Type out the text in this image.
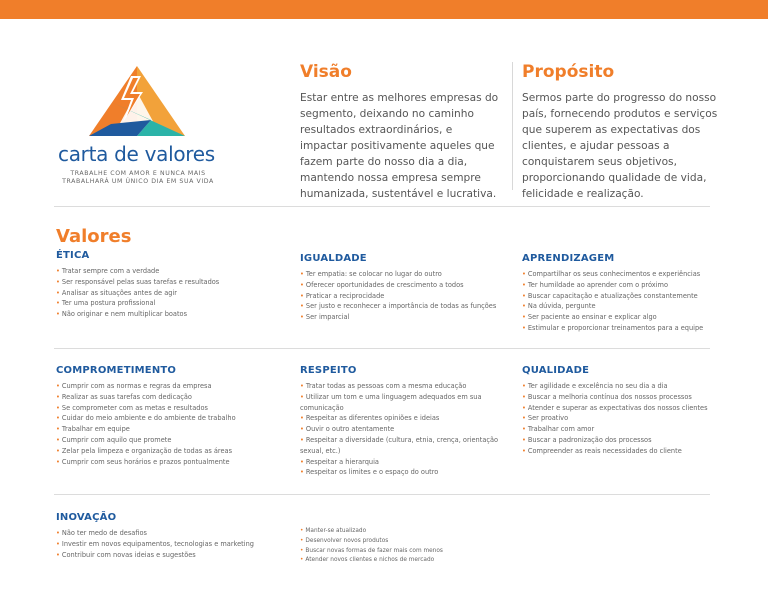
carta de valores
TRABALHE COM AMOR E NUNCA MAIS TRABALHARÁ UM ÚNICO DIA EM SUA VIDA
Visão

Estar entre as melhores empresas do segmento, deixando no caminho resultados extraordinários, e impactar positivamente aqueles que fazem parte do nosso dia a dia, mantendo nossa empresa sempre humanizada, sustentável e lucrativa.

Propósito

Sermos parte do progresso do nosso país, fornecendo produtos e serviços que superem as expectativas dos clientes, e ajudar pessoas a conquistarem seus objetivos, proporcionando qualidade de vida, felicidade e realização.

Valores
ÉTICA
• Tratar sempre com a verdade
• Ser responsável pelas suas tarefas e resultados
• Analisar as situações antes de agir
• Ter uma postura profissional
• Não originar e nem multiplicar boatos
IGUALDADE
• Ter empatia: se colocar no lugar do outro
• Oferecer oportunidades de crescimento a todos
• Praticar a reciprocidade
• Ser justo e reconhecer a importância de todas as funções
• Ser imparcial
APRENDIZAGEM
• Compartilhar os seus conhecimentos e experiências
• Ter humildade ao aprender com o próximo
• Buscar capacitação e atualizações constantemente
• Na dúvida, pergunte
• Ser paciente ao ensinar e explicar algo
• Estimular e proporcionar treinamentos para a equipe
COMPROMETIMENTO
• Cumprir com as normas e regras da empresa
• Realizar as suas tarefas com dedicação
• Se comprometer com as metas e resultados
• Cuidar do meio ambiente e do ambiente de trabalho
• Trabalhar em equipe
• Cumprir com aquilo que promete
• Zelar pela limpeza e organização de todas as áreas
• Cumprir com seus horários e prazos pontualmente
RESPEITO
• Tratar todas as pessoas com a mesma educação
• Utilizar um tom e uma linguagem adequados em sua comunicação
• Respeitar as diferentes opiniões e ideias
• Ouvir o outro atentamente
• Respeitar a diversidade (cultura, etnia, crença, orientação sexual, etc.)
• Respeitar a hierarquia
• Respeitar os limites e o espaço do outro
QUALIDADE
• Ter agilidade e excelência no seu dia a dia
• Buscar a melhoria contínua dos nossos processos
• Atender e superar as expectativas dos nossos clientes
• Ser proativo
• Trabalhar com amor
• Buscar a padronização dos processos
• Compreender as reais necessidades do cliente
INOVAÇÃO
• Não ter medo de desafios
• Investir em novos equipamentos, tecnologias e marketing
• Contribuir com novas ideias e sugestões
• Manter-se atualizado
• Desenvolver novos produtos
• Buscar novas formas de fazer mais com menos
• Atender novos clientes e nichos de mercado
